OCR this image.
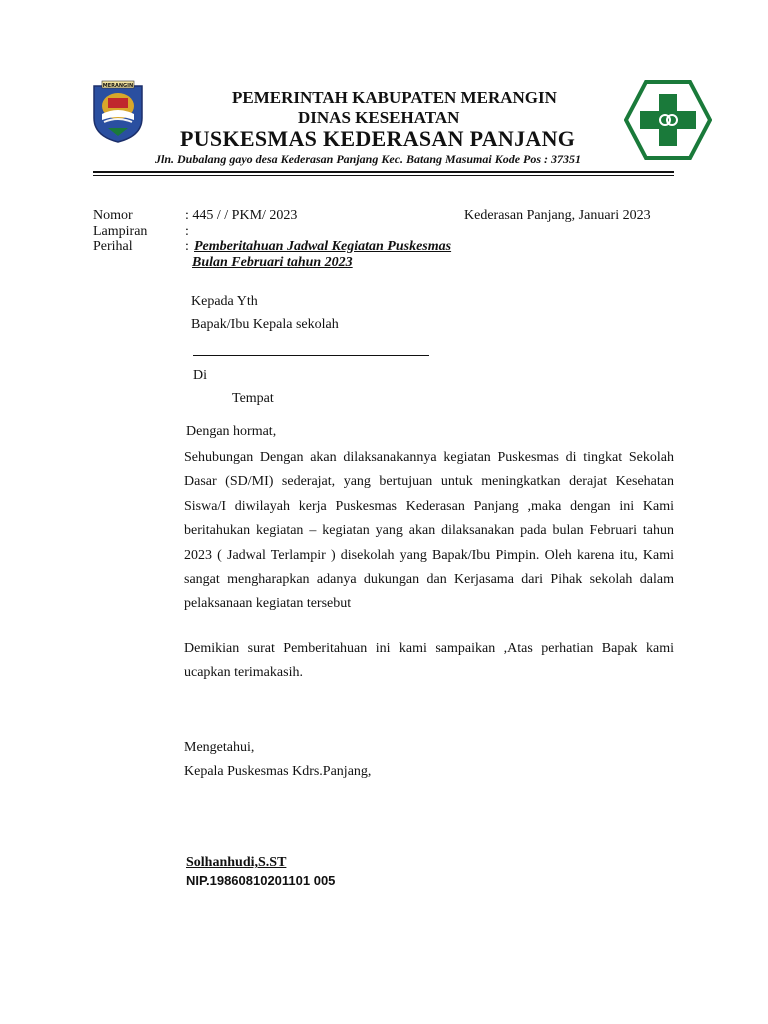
MERANGIN
PEMERINTAH KABUPATEN MERANGIN
DINAS KESEHATAN
PUSKESMAS KEDERASAN PANJANG
Jln. Dubalang gayo desa Kederasan Panjang Kec. Batang Masumai Kode Pos : 37351
Nomor	: 445 / / PKM/ 2023	Kederasan Panjang, Januari 2023
Lampiran	:
Perihal	: Pemberitahuan Jadwal Kegiatan Puskesmas
Bulan Februari tahun 2023
Kepada Yth
Bapak/Ibu Kepala sekolah
Di
Tempat
Dengan hormat,

Sehubungan Dengan akan dilaksanakannya kegiatan Puskesmas di tingkat Sekolah Dasar (SD/MI) sederajat, yang bertujuan untuk meningkatkan derajat Kesehatan Siswa/I diwilayah kerja Puskesmas Kederasan Panjang ,maka dengan ini Kami beritahukan kegiatan – kegiatan yang akan dilaksanakan pada bulan Februari tahun 2023 ( Jadwal Terlampir ) disekolah yang Bapak/Ibu Pimpin. Oleh karena itu, Kami sangat mengharapkan adanya dukungan dan Kerjasama dari Pihak sekolah dalam pelaksanaan kegiatan tersebut

Demikian surat Pemberitahuan ini kami sampaikan ,Atas perhatian Bapak kami ucapkan terimakasih.

Mengetahui,
Kepala Puskesmas Kdrs.Panjang,
Solhanhudi,S.ST
NIP.19860810201101 005
